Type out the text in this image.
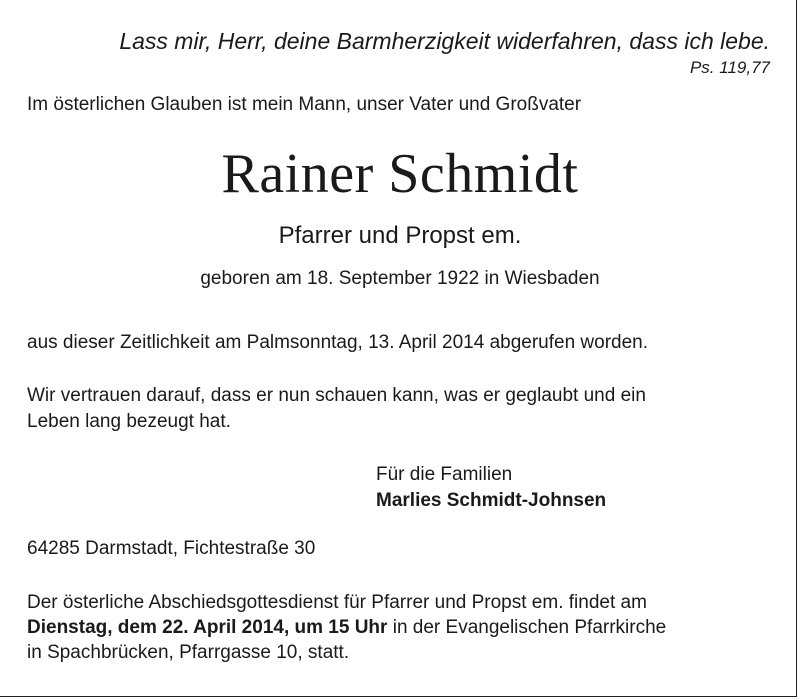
Lass mir, Herr, deine Barmherzigkeit widerfahren, dass ich lebe.
Ps. 119,77
Im österlichen Glauben ist mein Mann, unser Vater und Großvater
Rainer Schmidt
Pfarrer und Propst em.
geboren am 18. September 1922 in Wiesbaden
aus dieser Zeitlichkeit am Palmsonntag, 13. April 2014 abgerufen worden.
Wir vertrauen darauf, dass er nun schauen kann, was er geglaubt und ein
Leben lang bezeugt hat.
Für die Familien
Marlies Schmidt-Johnsen
64285 Darmstadt, Fichtestraße 30
Der österliche Abschiedsgottesdienst für Pfarrer und Propst em. findet am
Dienstag, dem 22. April 2014, um 15 Uhr in der Evangelischen Pfarrkirche
in Spachbrücken, Pfarrgasse 10, statt.
